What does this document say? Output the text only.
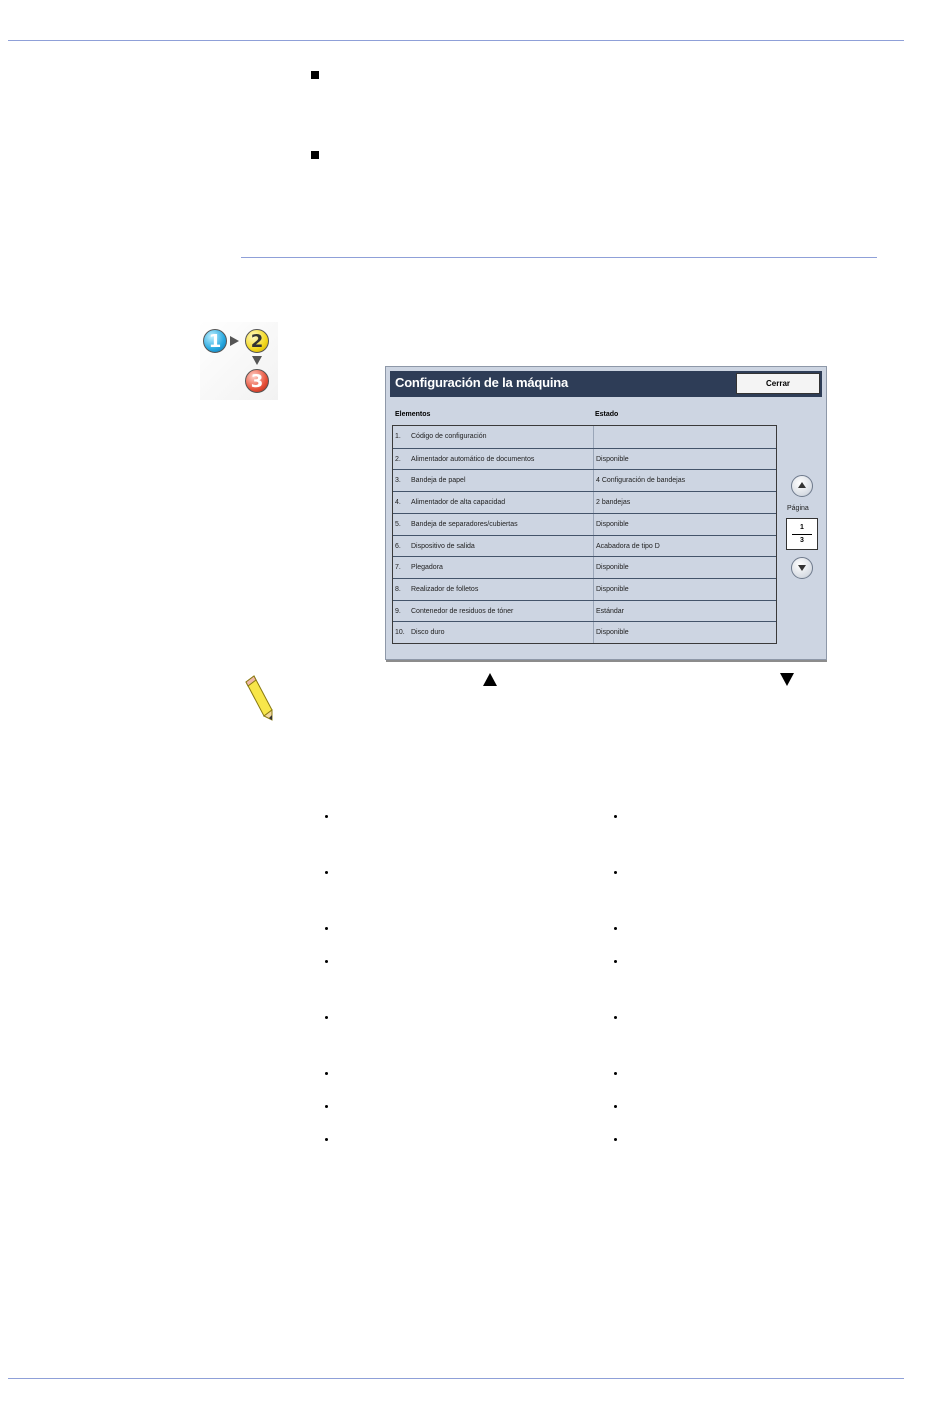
1	2
3	Configuración de la máquina	Cerrar
Elementos	Estado
1. Código de configuración
2. Alimentador automático de documentos	Disponible
3. Bandeja de papel	4 Configuración de bandejas
4. Alimentador de alta capacidad	2 bandejas
5. Bandeja de separadores/cubiertas	Disponible
6. Dispositivo de salida	Acabadora de tipo D
7. Plegadora	Disponible
8. Realizador de folletos	Disponible
9. Contenedor de residuos de tóner	Estándar
10. Disco duro	Disponible
Página
1
3
